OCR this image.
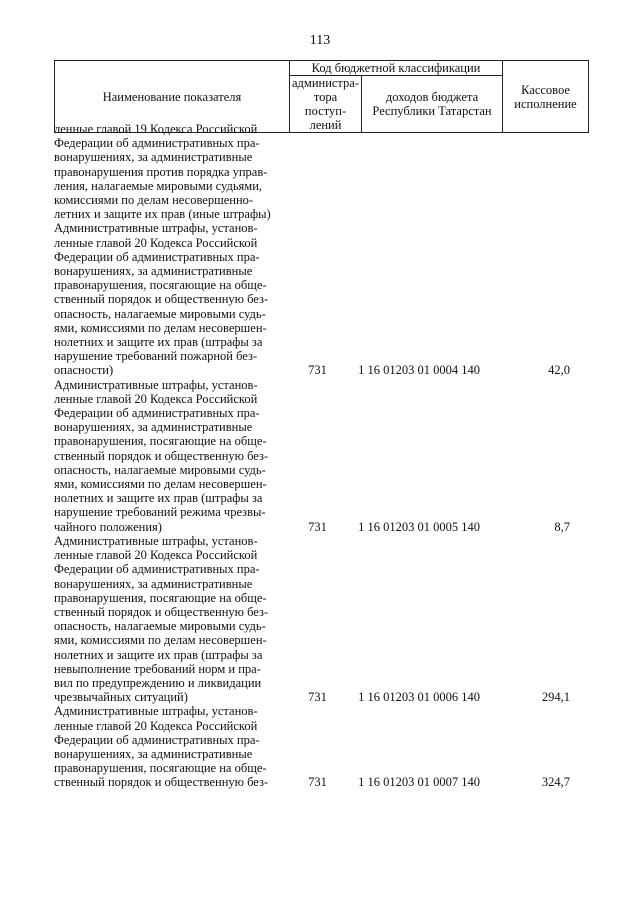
113
Наименование показателя	Код бюджетной классификации		Кассовое
исполнение
	администра-
тора поступ-
лений	доходов бюджета
Республики Татарстан	
ленные главой 19 Кодекса Российской
Федерации об административных пра-
вонарушениях, за административные
правонарушения против порядка управ-
ления, налагаемые мировыми судьями,
комиссиями по делам несовершенно-
летних и защите их прав (иные штрафы)
Административные штрафы, установ-
ленные главой 20 Кодекса Российской
Федерации об административных пра-
вонарушениях, за административные
правонарушения, посягающие на обще-
ственный порядок и общественную без-
опасность, налагаемые мировыми судь-
ями, комиссиями по делам несовершен-
нолетних и защите их прав (штрафы за
нарушение требований пожарной без-
опасности)	731	1 16 01203 01 0004 140	42,0
Административные штрафы, установ-
ленные главой 20 Кодекса Российской
Федерации об административных пра-
вонарушениях, за административные
правонарушения, посягающие на обще-
ственный порядок и общественную без-
опасность, налагаемые мировыми судь-
ями, комиссиями по делам несовершен-
нолетних и защите их прав (штрафы за
нарушение требований режима чрезвы-
чайного положения)	731	1 16 01203 01 0005 140	8,7
Административные штрафы, установ-
ленные главой 20 Кодекса Российской
Федерации об административных пра-
вонарушениях, за административные
правонарушения, посягающие на обще-
ственный порядок и общественную без-
опасность, налагаемые мировыми судь-
ями, комиссиями по делам несовершен-
нолетних и защите их прав (штрафы за
невыполнение требований норм и пра-
вил по предупреждению и ликвидации
чрезвычайных ситуаций)	731	1 16 01203 01 0006 140	294,1
Административные штрафы, установ-
ленные главой 20 Кодекса Российской
Федерации об административных пра-
вонарушениях, за административные
правонарушения, посягающие на обще-
ственный порядок и общественную без-	731	1 16 01203 01 0007 140	324,7
